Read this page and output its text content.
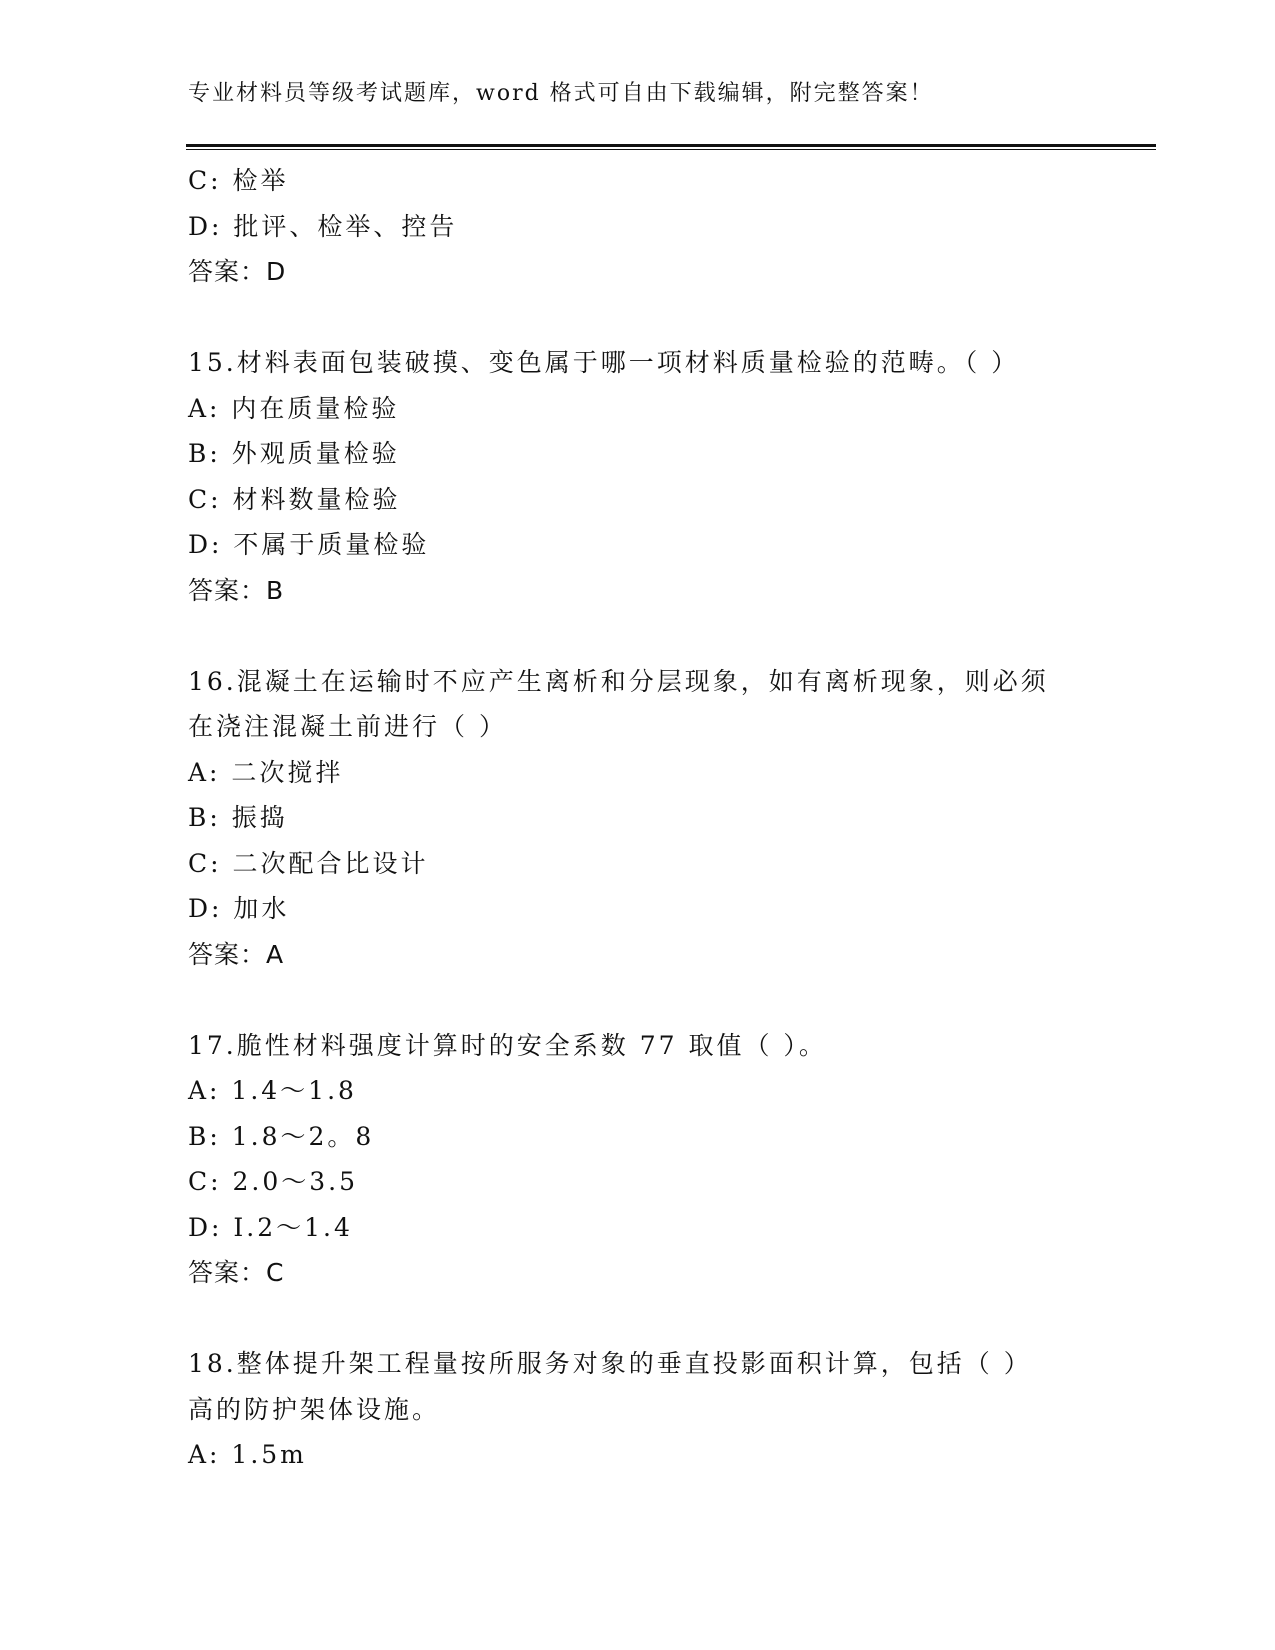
专业材料员等级考试题库，word 格式可自由下载编辑，附完整答案！
C: 检举
D: 批评、检举、控告
答案：D
15.材料表面包装破摸、变色属于哪一项材料质量检验的范畴。（ ）
A: 内在质量检验
B: 外观质量检验
C: 材料数量检验
D: 不属于质量检验
答案：B
16.混凝土在运输时不应产生离析和分层现象，如有离析现象，则必须
在浇注混凝土前进行（ ）
A: 二次搅拌
B: 振捣
C: 二次配合比设计
D: 加水
答案：A
17.脆性材料强度计算时的安全系数 77 取值（ ）。
A: 1.4～1.8
B: 1.8～2。8
C: 2.0～3.5
D: I.2～1.4
答案：C
18.整体提升架工程量按所服务对象的垂直投影面积计算，包括（ ）
高的防护架体设施。
A: 1.5m
